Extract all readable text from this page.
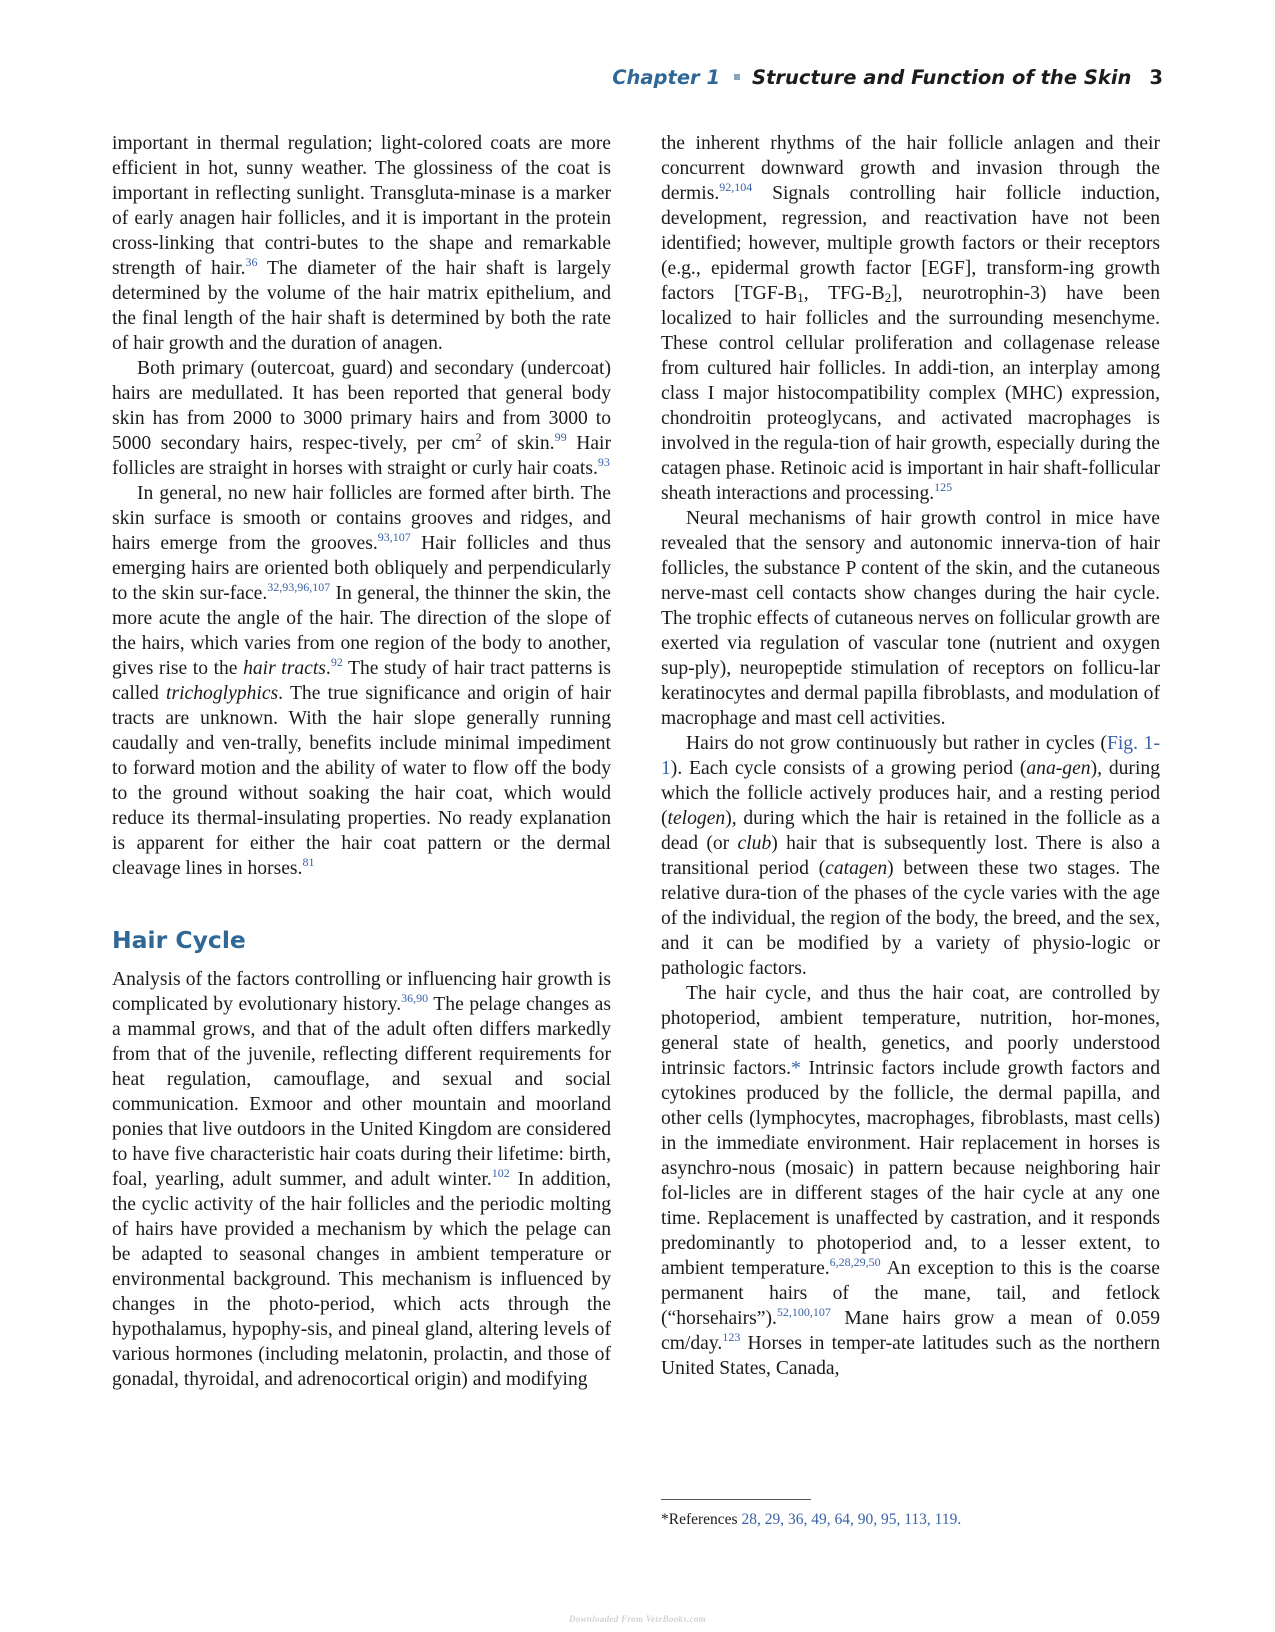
Chapter 1 Structure and Function of the Skin 3

important in thermal regulation; light-colored coats are more efficient in hot, sunny weather. The glossiness of the coat is important in reflecting sunlight. Transgluta-minase is a marker of early anagen hair follicles, and it is important in the protein cross-linking that contri-butes to the shape and remarkable strength of hair.$^{36}$ The diameter of the hair shaft is largely determined by the volume of the hair matrix epithelium, and the final length of the hair shaft is determined by both the rate of hair growth and the duration of anagen.

Both primary (outercoat, guard) and secondary (undercoat) hairs are medullated. It has been reported that general body skin has from 2000 to 3000 primary hairs and from 3000 to 5000 secondary hairs, respec-tively, per $cm^2$ of skin.$^{99}$ Hair follicles are straight in horses with straight or curly hair coats.$^{93}$

In general, no new hair follicles are formed after birth. The skin surface is smooth or contains grooves and ridges, and hairs emerge from the grooves.$^{93,107}$ Hair follicles and thus emerging hairs are oriented both obliquely and perpendicularly to the skin sur-face.$^{32,93,96,107}$ In general, the thinner the skin, the more acute the angle of the hair. The direction of the slope of the hairs, which varies from one region of the body to another, gives rise to the hair tracts.$^{92}$ The study of hair tract patterns is called trichoglyphics. The true significance and origin of hair tracts are unknown. With the hair slope generally running caudally and ven-trally, benefits include minimal impediment to forward motion and the ability of water to flow off the body to the ground without soaking the hair coat, which would reduce its thermal-insulating properties. No ready explanation is apparent for either the hair coat pattern or the dermal cleavage lines in horses.$^{81}$

Hair Cycle

Analysis of the factors controlling or influencing hair growth is complicated by evolutionary history.$^{36,90}$ The pelage changes as a mammal grows, and that of the adult often differs markedly from that of the juvenile, reflecting different requirements for heat regulation, camouflage, and sexual and social communication. Exmoor and other mountain and moorland ponies that live outdoors in the United Kingdom are considered to have five characteristic hair coats during their lifetime: birth, foal, yearling, adult summer, and adult winter.$^{102}$ In addition, the cyclic activity of the hair follicles and the periodic molting of hairs have provided a mechanism by which the pelage can be adapted to seasonal changes in ambient temperature or environmental background. This mechanism is influenced by changes in the photo-period, which acts through the hypothalamus, hypophy-sis, and pineal gland, altering levels of various hormones (including melatonin, prolactin, and those of gonadal, thyroidal, and adrenocortical origin) and modifying

the inherent rhythms of the hair follicle anlagen and their concurrent downward growth and invasion through the dermis.$^{92,104}$ Signals controlling hair follicle induction, development, regression, and reactivation have not been identified; however, multiple growth factors or their receptors (e.g., epidermal growth factor [EGF], transform-ing growth factors [$TGF-B_1$, TFG-$B_2$], neurotrophin-3) have been localized to hair follicles and the surrounding mesenchyme. These control cellular proliferation and collagenase release from cultured hair follicles. In addi-tion, an interplay among class I major histocompatibility complex (MHC) expression, chondroitin proteoglycans, and activated macrophages is involved in the regula-tion of hair growth, especially during the catagen phase. Retinoic acid is important in hair shaft-follicular sheath interactions and processing.$^{125}$

Neural mechanisms of hair growth control in mice have revealed that the sensory and autonomic innerva-tion of hair follicles, the substance P content of the skin, and the cutaneous nerve-mast cell contacts show changes during the hair cycle. The trophic effects of cutaneous nerves on follicular growth are exerted via regulation of vascular tone (nutrient and oxygen sup-ply), neuropeptide stimulation of receptors on follicu-lar keratinocytes and dermal papilla fibroblasts, and modulation of macrophage and mast cell activities.

Hairs do not grow continuously but rather in cycles (Fig. 1-1). Each cycle consists of a growing period (ana-gen), during which the follicle actively produces hair, and a resting period (telogen), during which the hair is retained in the follicle as a dead (or club) hair that is subsequently lost. There is also a transitional period (catagen) between these two stages. The relative dura-tion of the phases of the cycle varies with the age of the individual, the region of the body, the breed, and the sex, and it can be modified by a variety of physio-logic or pathologic factors.

The hair cycle, and thus the hair coat, are controlled by photoperiod, ambient temperature, nutrition, hor-mones, general state of health, genetics, and poorly understood intrinsic factors.* Intrinsic factors include growth factors and cytokines produced by the follicle, the dermal papilla, and other cells (lymphocytes, macrophages, fibroblasts, mast cells) in the immediate environment. Hair replacement in horses is asynchro-nous (mosaic) in pattern because neighboring hair fol-licles are in different stages of the hair cycle at any one time. Replacement is unaffected by castration, and it responds predominantly to photoperiod and, to a lesser extent, to ambient temperature.$^{6,28,29,50}$ An exception to this is the coarse permanent hairs of the mane, tail, and fetlock (“horsehairs”).$^{52,100,107}$ Mane hairs grow a mean of 0.059 cm/day.$^{123}$ Horses in temper-ate latitudes such as the northern United States, Canada,

*References 28, 29, 36, 49, 64, 90, 95, 113, 119.
Downloaded From VeteBooks.com
